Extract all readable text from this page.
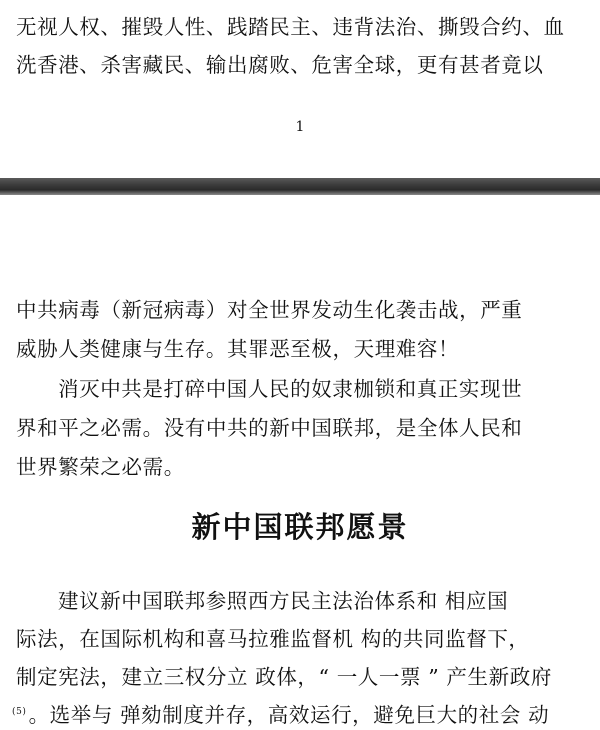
无视人权、摧毁人性、践踏民主、违背法治、撕毁合约、血
洗香港、杀害藏民、输出腐败、危害全球，更有甚者竟以
1
中共病毒（新冠病毒）对全世界发动生化袭击战，严重
威胁人类健康与生存。其罪恶至极，天理难容！
消灭中共是打碎中国人民的奴隶枷锁和真正实现世
界和平之必需。没有中共的新中国联邦，是全体人民和
世界繁荣之必需。
新中国联邦愿景
建议新中国联邦参照西方民主法治体系和 相应国
际法，在国际机构和喜马拉雅监督机 构的共同监督下，
制定宪法，建立三权分立 政体，“ 一人一票 ” 产生新政府
$^{(5)}$。选举与 弹劾制度并存，高效运行，避免巨大的社会 动
